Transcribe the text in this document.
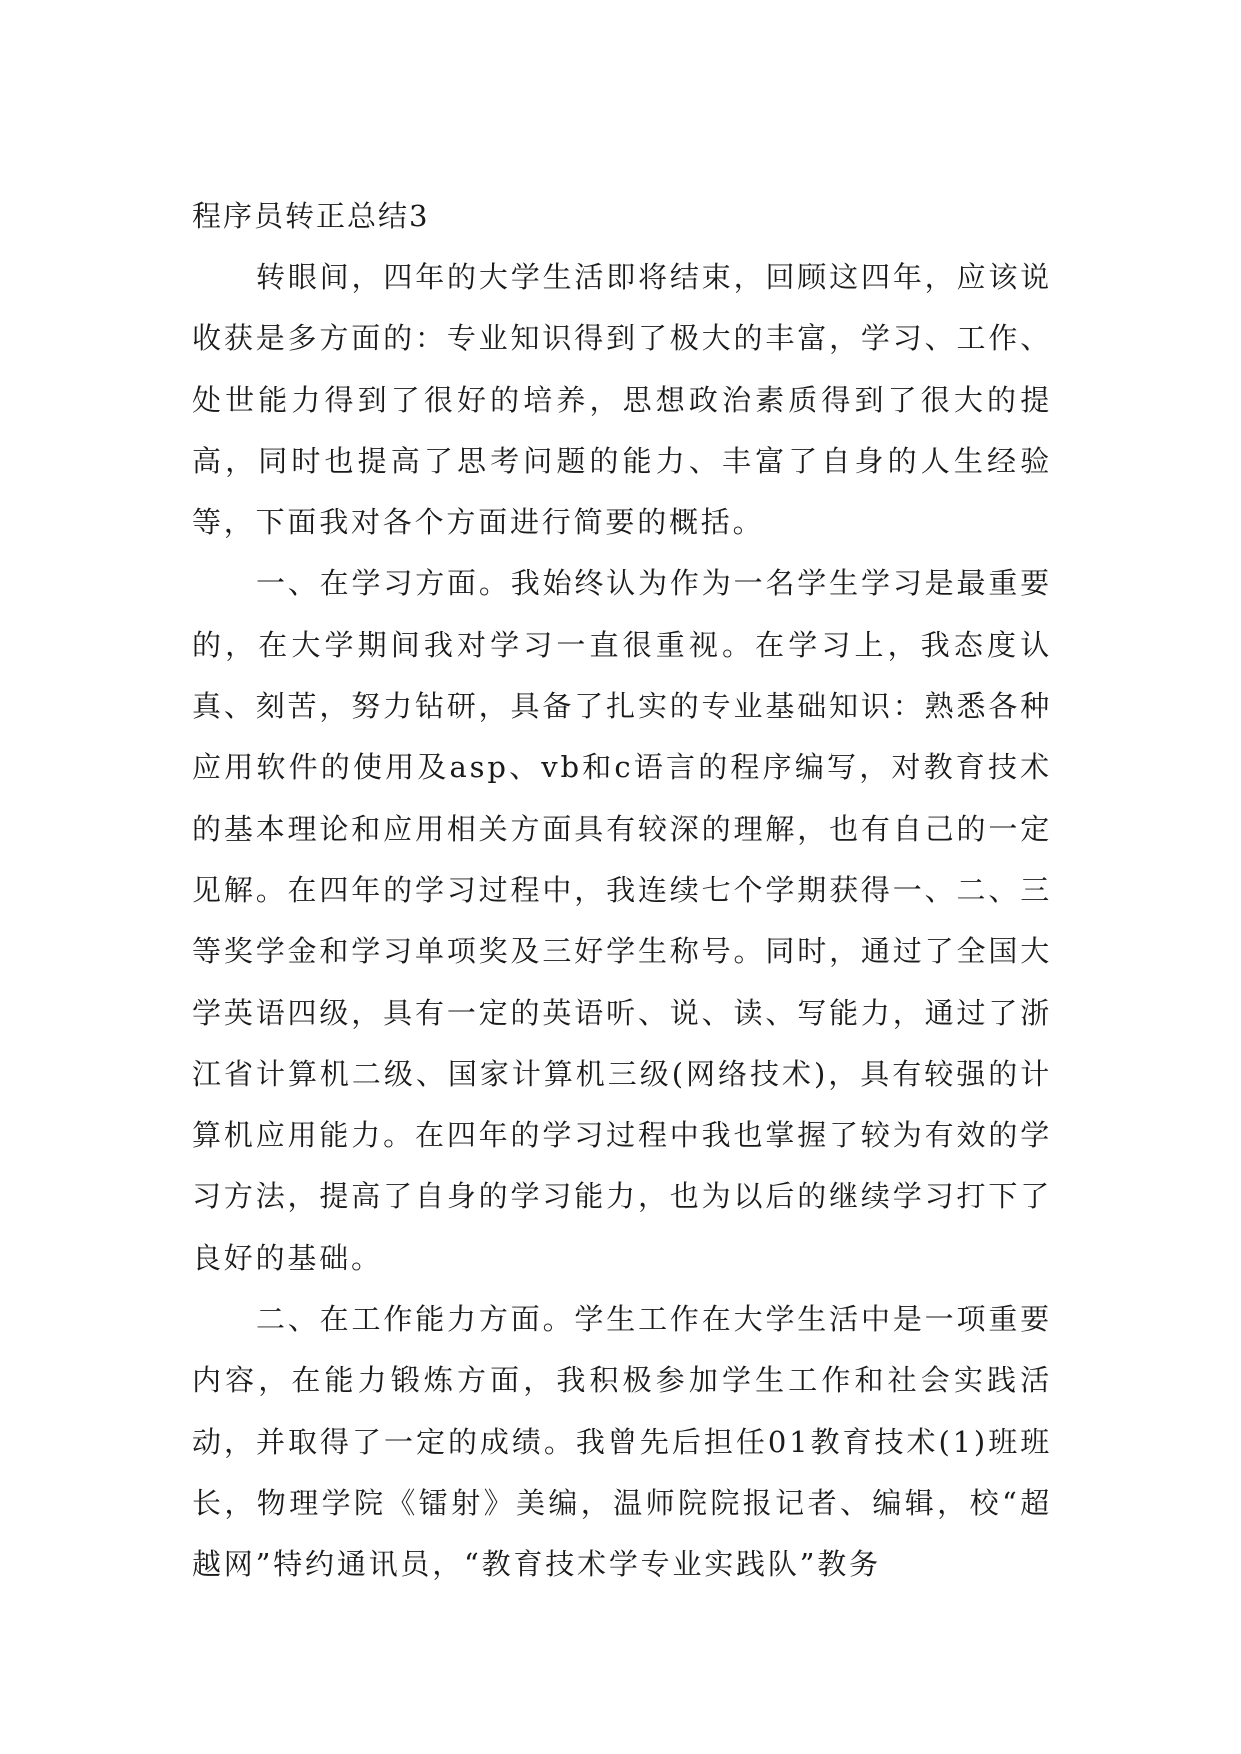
程序员转正总结3

转眼间，四年的大学生活即将结束，回顾这四年，应该说收获是多方面的：专业知识得到了极大的丰富，学习、工作、处世能力得到了很好的培养，思想政治素质得到了很大的提高，同时也提高了思考问题的能力、丰富了自身的人生经验等，下面我对各个方面进行简要的概括。

一、在学习方面。我始终认为作为一名学生学习是最重要的，在大学期间我对学习一直很重视。在学习上，我态度认真、刻苦，努力钻研，具备了扎实的专业基础知识：熟悉各种应用软件的使用及asp、vb和c语言的程序编写，对教育技术的基本理论和应用相关方面具有较深的理解，也有自己的一定见解。在四年的学习过程中，我连续七个学期获得一、二、三等奖学金和学习单项奖及三好学生称号。同时，通过了全国大学英语四级，具有一定的英语听、说、读、写能力，通过了浙江省计算机二级、国家计算机三级(网络技术)，具有较强的计算机应用能力。在四年的学习过程中我也掌握了较为有效的学习方法，提高了自身的学习能力，也为以后的继续学习打下了良好的基础。

二、在工作能力方面。学生工作在大学生活中是一项重要内容，在能力锻炼方面，我积极参加学生工作和社会实践活动，并取得了一定的成绩。我曾先后担任01教育技术(1)班班长，物理学院《镭射》美编，温师院院报记者、编辑，校“超越网”特约通讯员，“教育技术学专业实践队”教务
